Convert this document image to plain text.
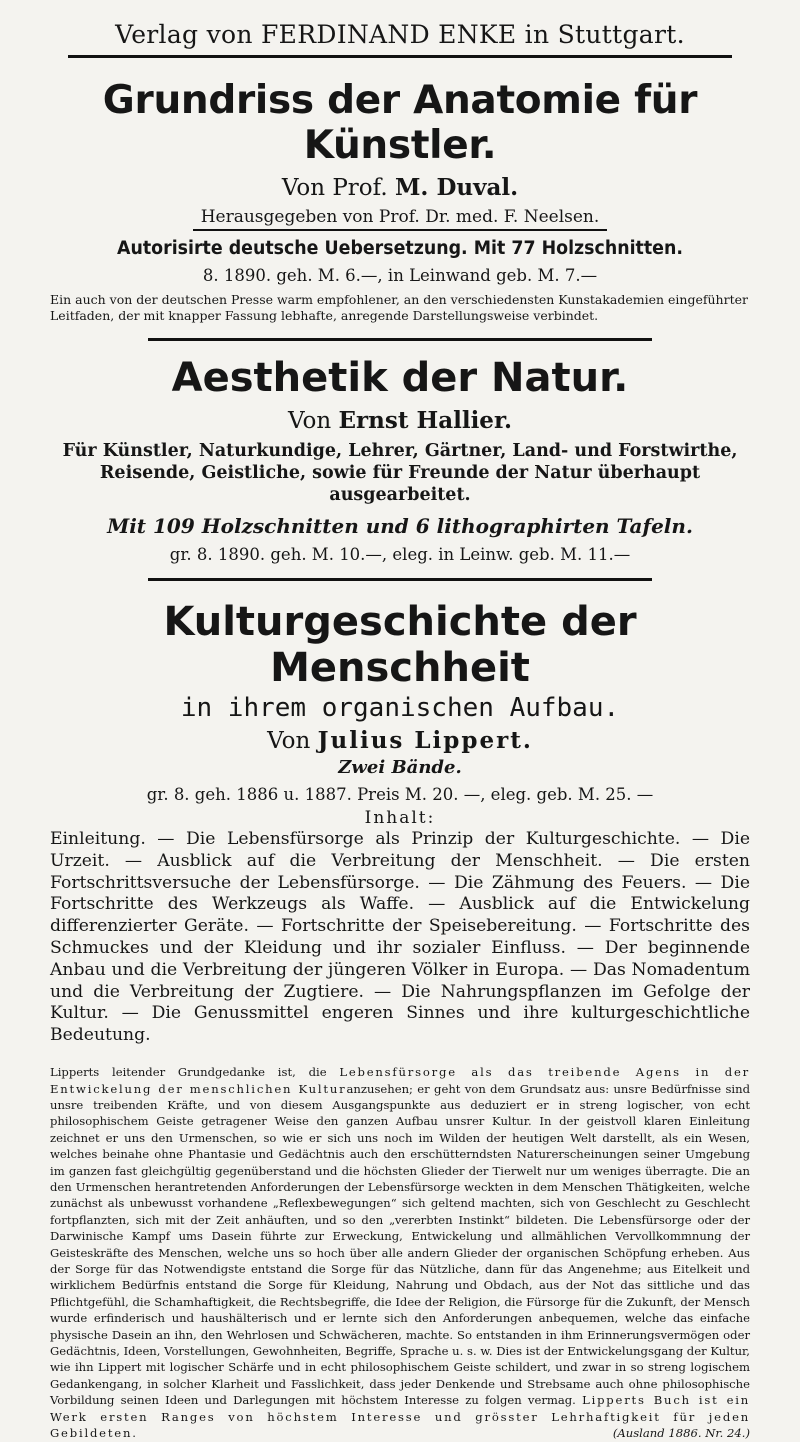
Verlag von FERDINAND ENKE in Stuttgart.
Grundriss der Anatomie für Künstler.
Von Prof. M. Duval.
Herausgegeben von Prof. Dr. med. F. Neelsen.
Autorisirte deutsche Uebersetzung. Mit 77 Holzschnitten.
8. 1890. geh. M. 6.—, in Leinwand geb. M. 7.—

Ein auch von der deutschen Presse warm empfohlener, an den verschiedensten Kunstakademien eingeführter Leitfaden, der mit knapper Fassung lebhafte, anregende Darstellungsweise verbindet.

Aesthetik der Natur.
Von Ernst Hallier.
Für Künstler, Naturkundige, Lehrer, Gärtner, Land- und Forstwirthe, Reisende, Geistliche, sowie für Freunde der Natur überhaupt ausgearbeitet.
Mit 109 Holzschnitten und 6 lithographirten Tafeln.
gr. 8. 1890. geh. M. 10.—, eleg. in Leinw. geb. M. 11.—
Kulturgeschichte der Menschheit
in ihrem organischen Aufbau.
Von Julius Lippert.
Zwei Bände.
gr. 8. geh. 1886 u. 1887. Preis M. 20. —, eleg. geb. M. 25. —
Inhalt:

Einleitung. — Die Lebensfürsorge als Prinzip der Kulturgeschichte. — Die Urzeit. — Ausblick auf die Verbreitung der Menschheit. — Die ersten Fortschrittsversuche der Lebensfürsorge. — Die Zähmung des Feuers. — Die Fortschritte des Werkzeugs als Waffe. — Ausblick auf die Entwickelung differenzierter Geräte. — Fortschritte der Speisebereitung. — Fortschritte des Schmuckes und der Kleidung und ihr sozialer Einfluss. — Der beginnende Anbau und die Verbreitung der jüngeren Völker in Europa. — Das Nomadentum und die Verbreitung der Zugtiere. — Die Nahrungspflanzen im Gefolge der Kultur. — Die Genussmittel engeren Sinnes und ihre kulturgeschichtliche Bedeutung.

Lipperts leitender Grundgedanke ist, die Lebensfürsorge als das treibende Agens in der Entwickelung der menschlichen Kulturanzusehen; er geht von dem Grundsatz aus: unsre Bedürfnisse sind unsre treibenden Kräfte, und von diesem Ausgangspunkte aus deduziert er in streng logischer, von echt philosophischem Geiste getragener Weise den ganzen Aufbau unsrer Kultur. In der geistvoll klaren Einleitung zeichnet er uns den Urmenschen, so wie er sich uns noch im Wilden der heutigen Welt darstellt, als ein Wesen, welches beinahe ohne Phantasie und Gedächtnis auch den erschütterndsten Naturerscheinungen seiner Umgebung im ganzen fast gleichgültig gegenüberstand und die höchsten Glieder der Tierwelt nur um weniges überragte. Die an den Urmenschen herantretenden Anforderungen der Lebensfürsorge weckten in dem Menschen Thätigkeiten, welche zunächst als unbewusst vorhandene „Reflexbewegungen“ sich geltend machten, sich von Geschlecht zu Geschlecht fortpflanzten, sich mit der Zeit anhäuften, und so den „vererbten Instinkt“ bildeten. Die Lebensfürsorge oder der Darwinische Kampf ums Dasein führte zur Erweckung, Entwickelung und allmählichen Vervollkommnung der Geisteskräfte des Menschen, welche uns so hoch über alle andern Glieder der organischen Schöpfung erheben. Aus der Sorge für das Notwendigste entstand die Sorge für das Nützliche, dann für das Angenehme; aus Eitelkeit und wirklichem Bedürfnis entstand die Sorge für Kleidung, Nahrung und Obdach, aus der Not das sittliche und das Pflichtgefühl, die Schamhaftigkeit, die Rechtsbegriffe, die Idee der Religion, die Fürsorge für die Zukunft, der Mensch wurde erfinderisch und haushälterisch und er lernte sich den Anforderungen anbequemen, welche das einfache physische Dasein an ihn, den Wehrlosen und Schwächeren, machte. So entstanden in ihm Erinnerungsvermögen oder Gedächtnis, Ideen, Vorstellungen, Gewohnheiten, Begriffe, Sprache u. s. w. Dies ist der Entwickelungsgang der Kultur, wie ihn Lippert mit logischer Schärfe und in echt philosophischem Geiste schildert, und zwar in so streng logischem Gedankengang, in solcher Klarheit und Fasslichkeit, dass jeder Denkende und Strebsame auch ohne philosophische Vorbildung seinen Ideen und Darlegungen mit höchstem Interesse zu folgen vermag. Lipperts Buch ist ein Werk ersten Ranges von höchstem Interesse und grösster Lehrhaftigkeit für jeden Gebildeten.	(Ausland 1886. Nr. 24.)
